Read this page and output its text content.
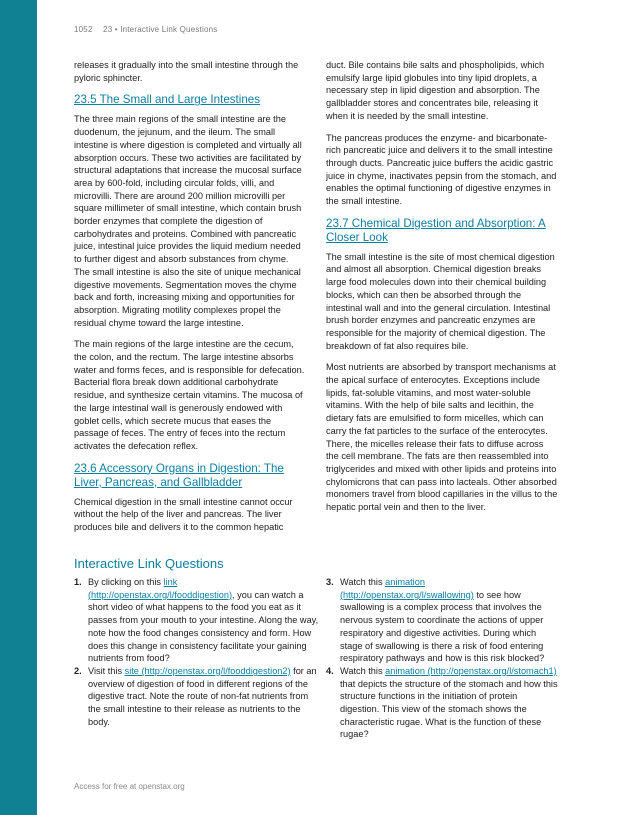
1052 23 • Interactive Link Questions

releases it gradually into the small intestine through the pyloric sphincter.

23.5 The Small and Large Intestines

The three main regions of the small intestine are the duodenum, the jejunum, and the ileum. The small intestine is where digestion is completed and virtually all absorption occurs. These two activities are facilitated by structural adaptations that increase the mucosal surface area by 600-fold, including circular folds, villi, and microvilli. There are around 200 million microvilli per square millimeter of small intestine, which contain brush border enzymes that complete the digestion of carbohydrates and proteins. Combined with pancreatic juice, intestinal juice provides the liquid medium needed to further digest and absorb substances from chyme. The small intestine is also the site of unique mechanical digestive movements. Segmentation moves the chyme back and forth, increasing mixing and opportunities for absorption. Migrating motility complexes propel the residual chyme toward the large intestine.

The main regions of the large intestine are the cecum, the colon, and the rectum. The large intestine absorbs water and forms feces, and is responsible for defecation. Bacterial flora break down additional carbohydrate residue, and synthesize certain vitamins. The mucosa of the large intestinal wall is generously endowed with goblet cells, which secrete mucus that eases the passage of feces. The entry of feces into the rectum activates the defecation reflex.

23.6 Accessory Organs in Digestion: The Liver, Pancreas, and Gallbladder

Chemical digestion in the small intestine cannot occur without the help of the liver and pancreas. The liver produces bile and delivers it to the common hepatic

duct. Bile contains bile salts and phospholipids, which emulsify large lipid globules into tiny lipid droplets, a necessary step in lipid digestion and absorption. The gallbladder stores and concentrates bile, releasing it when it is needed by the small intestine.

The pancreas produces the enzyme- and bicarbonate-rich pancreatic juice and delivers it to the small intestine through ducts. Pancreatic juice buffers the acidic gastric juice in chyme, inactivates pepsin from the stomach, and enables the optimal functioning of digestive enzymes in the small intestine.

23.7 Chemical Digestion and Absorption: A Closer Look

The small intestine is the site of most chemical digestion and almost all absorption. Chemical digestion breaks large food molecules down into their chemical building blocks, which can then be absorbed through the intestinal wall and into the general circulation. Intestinal brush border enzymes and pancreatic enzymes are responsible for the majority of chemical digestion. The breakdown of fat also requires bile.

Most nutrients are absorbed by transport mechanisms at the apical surface of enterocytes. Exceptions include lipids, fat-soluble vitamins, and most water-soluble vitamins. With the help of bile salts and lecithin, the dietary fats are emulsified to form micelles, which can carry the fat particles to the surface of the enterocytes. There, the micelles release their fats to diffuse across the cell membrane. The fats are then reassembled into triglycerides and mixed with other lipids and proteins into chylomicrons that can pass into lacteals. Other absorbed monomers travel from blood capillaries in the villus to the hepatic portal vein and then to the liver.

Interactive Link Questions
1. By clicking on this link (http://openstax.org/l/fooddigestion), you can watch a short video of what happens to the food you eat as it passes from your mouth to your intestine. Along the way, note how the food changes consistency and form. How does this change in consistency facilitate your gaining nutrients from food?
2. Visit this site (http://openstax.org/l/fooddigestion2) for an overview of digestion of food in different regions of the digestive tract. Note the route of non-fat nutrients from the small intestine to their release as nutrients to the body.
3. Watch this animation (http://openstax.org/l/swallowing) to see how swallowing is a complex process that involves the nervous system to coordinate the actions of upper respiratory and digestive activities. During which stage of swallowing is there a risk of food entering respiratory pathways and how is this risk blocked?
4. Watch this animation (http://openstax.org/l/stomach1) that depicts the structure of the stomach and how this structure functions in the initiation of protein digestion. This view of the stomach shows the characteristic rugae. What is the function of these rugae?
Access for free at openstax.org
